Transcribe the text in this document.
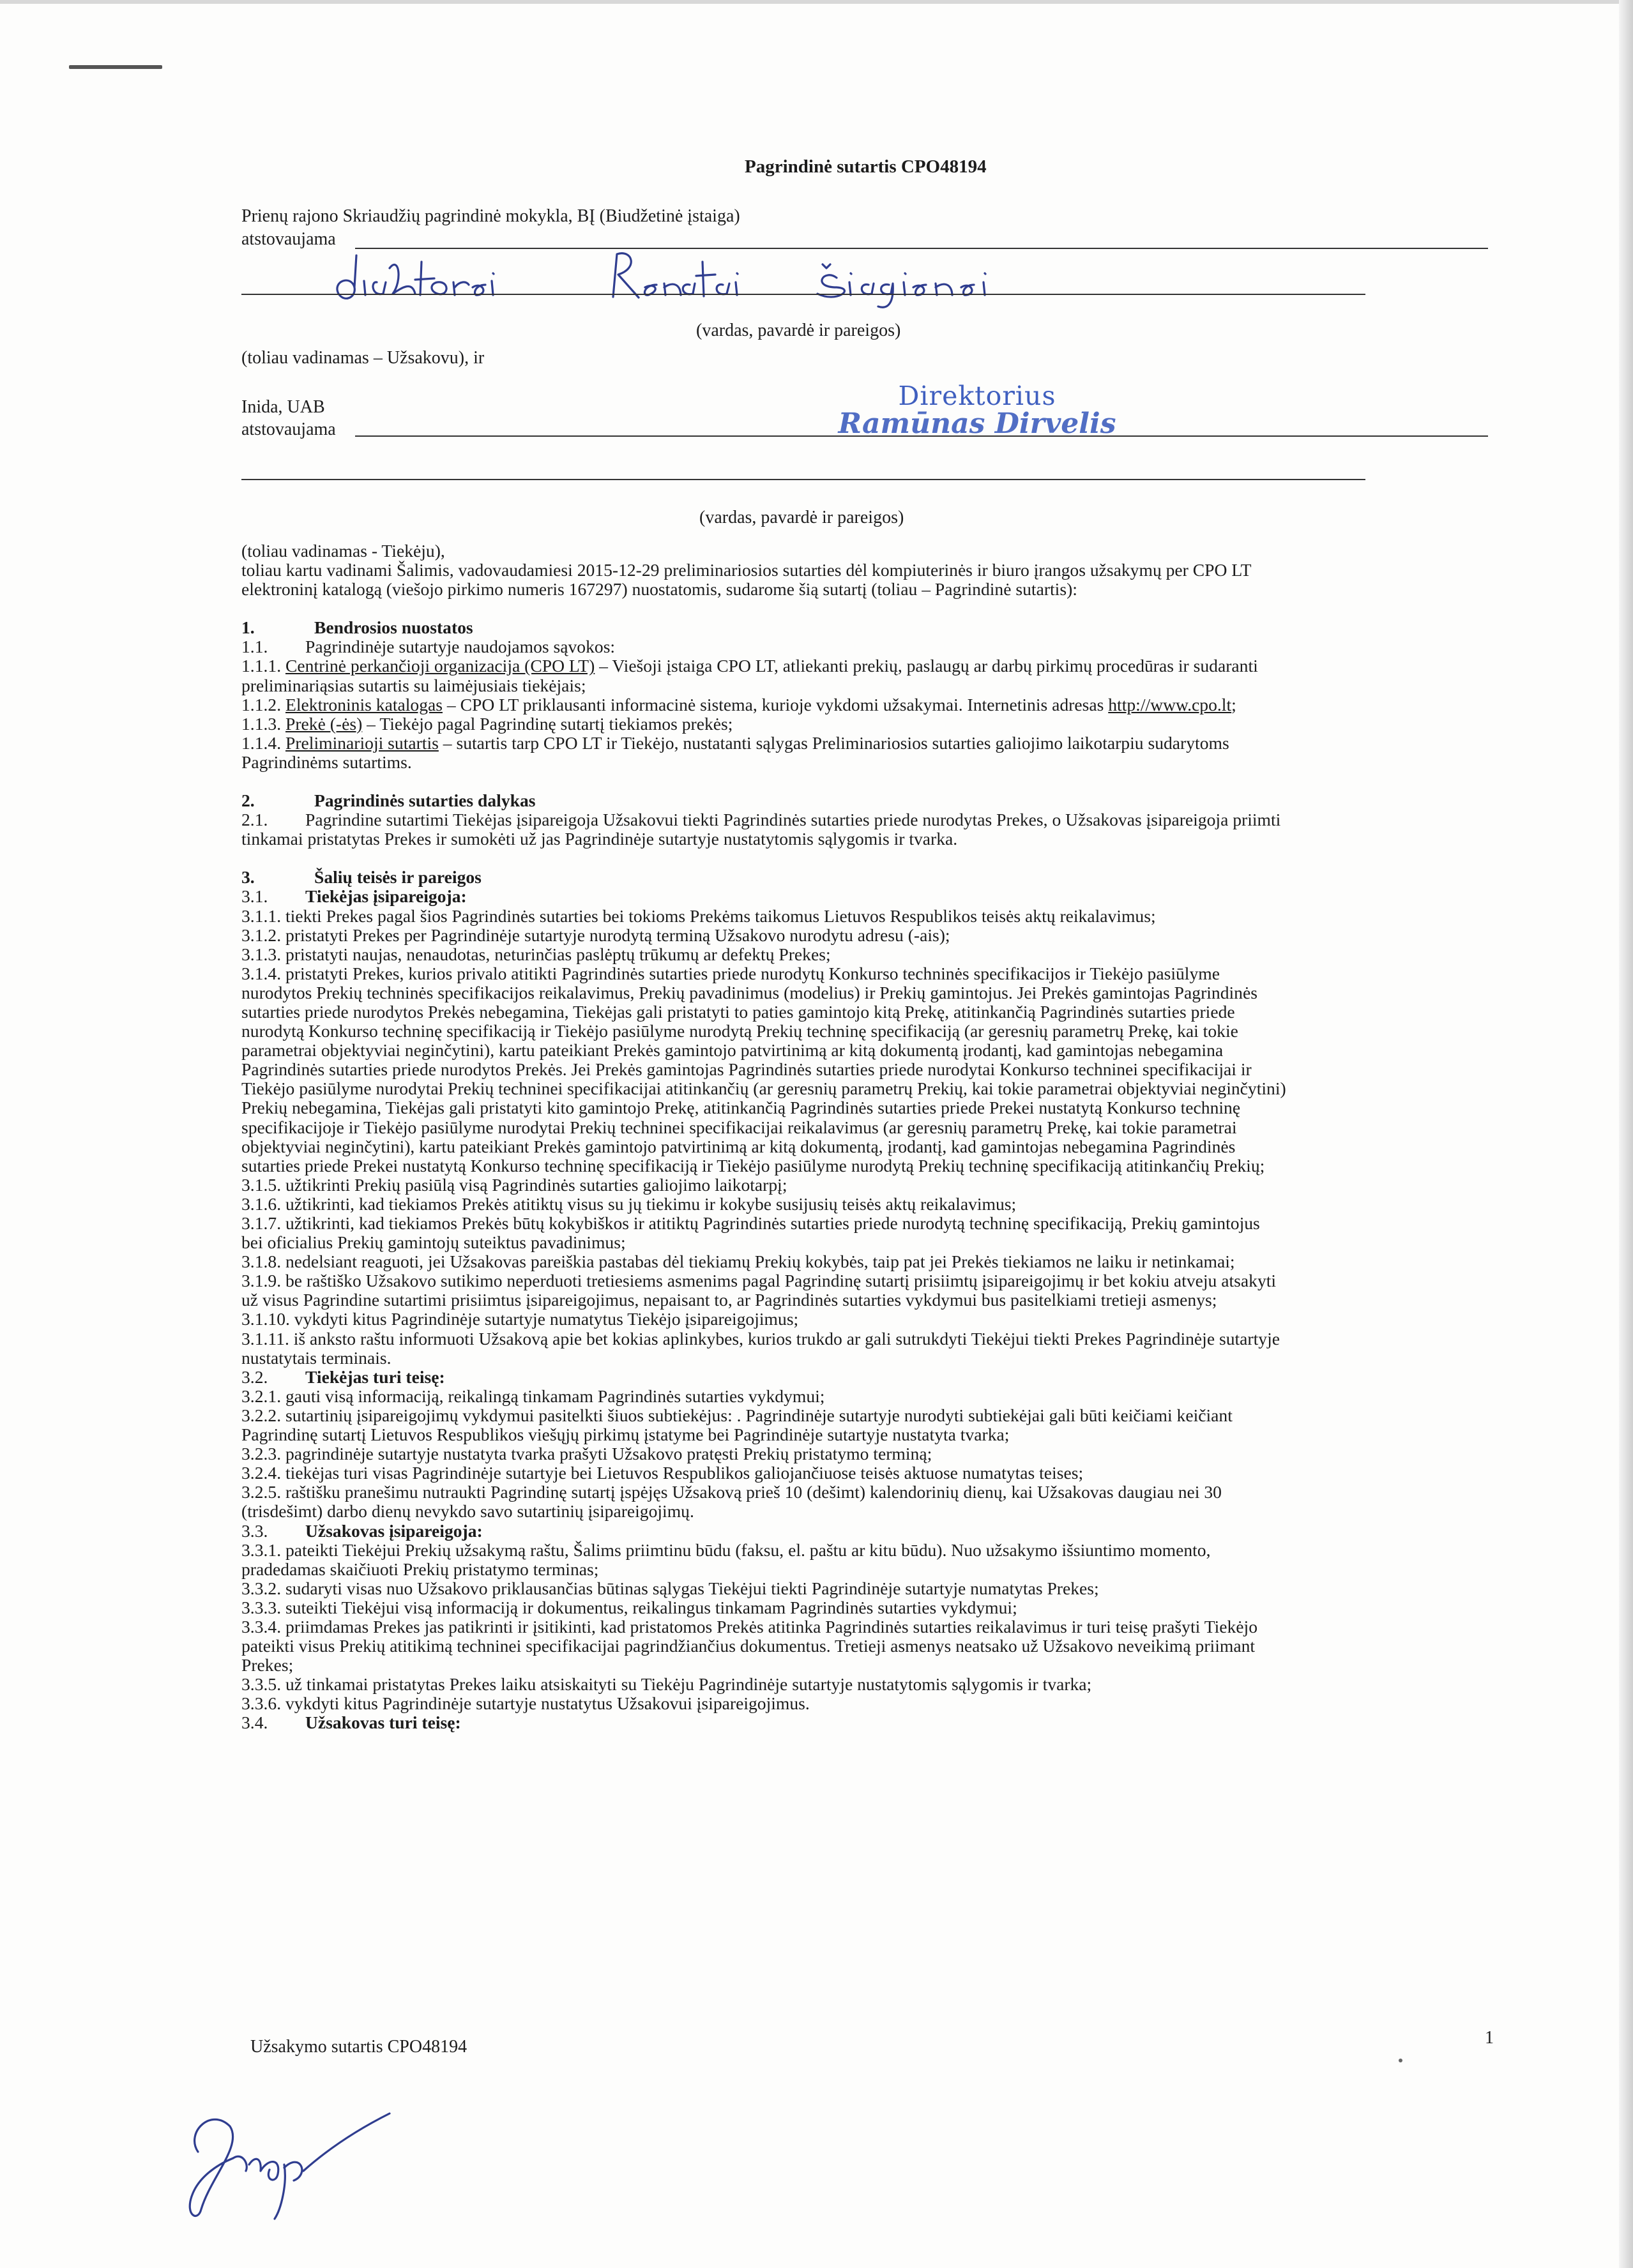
Pagrindinė sutartis CPO48194
Prienų rajono Skriaudžių pagrindinė mokykla, BĮ (Biudžetinė įstaiga)
atstovaujama
(vardas, pavardė ir pareigos)
(toliau vadinamas – Užsakovu), ir
Inida, UAB
atstovaujama
Direktorius
Ramūnas Dirvelis
(vardas, pavardė ir pareigos)

(toliau vadinamas - Tiekėju),

toliau kartu vadinami Šalimis, vadovaudamiesi 2015-12-29 preliminariosios sutarties dėl kompiuterinės ir biuro įrangos užsakymų per CPO LT

elektroninį katalogą (viešojo pirkimo numeris 167297) nuostatomis, sudarome šią sutartį (toliau – Pagrindinė sutartis):

1.	Bendrosios nuostatos

1.1. Pagrindinėje sutartyje naudojamos sąvokos:

1.1.1. Centrinė perkančioji organizacija (CPO LT) – Viešoji įstaiga CPO LT, atliekanti prekių, paslaugų ar darbų pirkimų procedūras ir sudaranti

preliminariąsias sutartis su laimėjusiais tiekėjais;

1.1.2. Elektroninis katalogas – CPO LT priklausanti informacinė sistema, kurioje vykdomi užsakymai. Internetinis adresas http://www.cpo.lt;

1.1.3. Prekė (-ės) – Tiekėjo pagal Pagrindinę sutartį tiekiamos prekės;

1.1.4. Preliminarioji sutartis – sutartis tarp CPO LT ir Tiekėjo, nustatanti sąlygas Preliminariosios sutarties galiojimo laikotarpiu sudarytoms

Pagrindinėms sutartims.

2.	Pagrindinės sutarties dalykas

2.1. Pagrindine sutartimi Tiekėjas įsipareigoja Užsakovui tiekti Pagrindinės sutarties priede nurodytas Prekes, o Užsakovas įsipareigoja priimti

tinkamai pristatytas Prekes ir sumokėti už jas Pagrindinėje sutartyje nustatytomis sąlygomis ir tvarka.

3.	Šalių teisės ir pareigos

3.1. Tiekėjas įsipareigoja:

3.1.1. tiekti Prekes pagal šios Pagrindinės sutarties bei tokioms Prekėms taikomus Lietuvos Respublikos teisės aktų reikalavimus;

3.1.2. pristatyti Prekes per Pagrindinėje sutartyje nurodytą terminą Užsakovo nurodytu adresu (-ais);

3.1.3. pristatyti naujas, nenaudotas, neturinčias paslėptų trūkumų ar defektų Prekes;

3.1.4. pristatyti Prekes, kurios privalo atitikti Pagrindinės sutarties priede nurodytų Konkurso techninės specifikacijos ir Tiekėjo pasiūlyme

nurodytos Prekių techninės specifikacijos reikalavimus, Prekių pavadinimus (modelius) ir Prekių gamintojus. Jei Prekės gamintojas Pagrindinės

sutarties priede nurodytos Prekės nebegamina, Tiekėjas gali pristatyti to paties gamintojo kitą Prekę, atitinkančią Pagrindinės sutarties priede

nurodytą Konkurso techninę specifikaciją ir Tiekėjo pasiūlyme nurodytą Prekių techninę specifikaciją (ar geresnių parametrų Prekę, kai tokie

parametrai objektyviai neginčytini), kartu pateikiant Prekės gamintojo patvirtinimą ar kitą dokumentą įrodantį, kad gamintojas nebegamina

Pagrindinės sutarties priede nurodytos Prekės. Jei Prekės gamintojas Pagrindinės sutarties priede nurodytai Konkurso techninei specifikacijai ir

Tiekėjo pasiūlyme nurodytai Prekių techninei specifikacijai atitinkančių (ar geresnių parametrų Prekių, kai tokie parametrai objektyviai neginčytini)

Prekių nebegamina, Tiekėjas gali pristatyti kito gamintojo Prekę, atitinkančią Pagrindinės sutarties priede Prekei nustatytą Konkurso techninę

specifikacijoje ir Tiekėjo pasiūlyme nurodytai Prekių techninei specifikacijai reikalavimus (ar geresnių parametrų Prekę, kai tokie parametrai

objektyviai neginčytini), kartu pateikiant Prekės gamintojo patvirtinimą ar kitą dokumentą, įrodantį, kad gamintojas nebegamina Pagrindinės

sutarties priede Prekei nustatytą Konkurso techninę specifikaciją ir Tiekėjo pasiūlyme nurodytą Prekių techninę specifikaciją atitinkančių Prekių;

3.1.5. užtikrinti Prekių pasiūlą visą Pagrindinės sutarties galiojimo laikotarpį;

3.1.6. užtikrinti, kad tiekiamos Prekės atitiktų visus su jų tiekimu ir kokybe susijusių teisės aktų reikalavimus;

3.1.7. užtikrinti, kad tiekiamos Prekės būtų kokybiškos ir atitiktų Pagrindinės sutarties priede nurodytą techninę specifikaciją, Prekių gamintojus

bei oficialius Prekių gamintojų suteiktus pavadinimus;

3.1.8. nedelsiant reaguoti, jei Užsakovas pareiškia pastabas dėl tiekiamų Prekių kokybės, taip pat jei Prekės tiekiamos ne laiku ir netinkamai;

3.1.9. be raštiško Užsakovo sutikimo neperduoti tretiesiems asmenims pagal Pagrindinę sutartį prisiimtų įsipareigojimų ir bet kokiu atveju atsakyti

už visus Pagrindine sutartimi prisiimtus įsipareigojimus, nepaisant to, ar Pagrindinės sutarties vykdymui bus pasitelkiami tretieji asmenys;

3.1.10. vykdyti kitus Pagrindinėje sutartyje numatytus Tiekėjo įsipareigojimus;

3.1.11. iš anksto raštu informuoti Užsakovą apie bet kokias aplinkybes, kurios trukdo ar gali sutrukdyti Tiekėjui tiekti Prekes Pagrindinėje sutartyje

nustatytais terminais.

3.2. Tiekėjas turi teisę:

3.2.1. gauti visą informaciją, reikalingą tinkamam Pagrindinės sutarties vykdymui;

3.2.2. sutartinių įsipareigojimų vykdymui pasitelkti šiuos subtiekėjus: . Pagrindinėje sutartyje nurodyti subtiekėjai gali būti keičiami keičiant

Pagrindinę sutartį Lietuvos Respublikos viešųjų pirkimų įstatyme bei Pagrindinėje sutartyje nustatyta tvarka;

3.2.3. pagrindinėje sutartyje nustatyta tvarka prašyti Užsakovo pratęsti Prekių pristatymo terminą;

3.2.4. tiekėjas turi visas Pagrindinėje sutartyje bei Lietuvos Respublikos galiojančiuose teisės aktuose numatytas teises;

3.2.5. raštišku pranešimu nutraukti Pagrindinę sutartį įspėjęs Užsakovą prieš 10 (dešimt) kalendorinių dienų, kai Užsakovas daugiau nei 30

(trisdešimt) darbo dienų nevykdo savo sutartinių įsipareigojimų.

3.3. Užsakovas įsipareigoja:

3.3.1. pateikti Tiekėjui Prekių užsakymą raštu, Šalims priimtinu būdu (faksu, el. paštu ar kitu būdu). Nuo užsakymo išsiuntimo momento,

pradedamas skaičiuoti Prekių pristatymo terminas;

3.3.2. sudaryti visas nuo Užsakovo priklausančias būtinas sąlygas Tiekėjui tiekti Pagrindinėje sutartyje numatytas Prekes;

3.3.3. suteikti Tiekėjui visą informaciją ir dokumentus, reikalingus tinkamam Pagrindinės sutarties vykdymui;

3.3.4. priimdamas Prekes jas patikrinti ir įsitikinti, kad pristatomos Prekės atitinka Pagrindinės sutarties reikalavimus ir turi teisę prašyti Tiekėjo

pateikti visus Prekių atitikimą techninei specifikacijai pagrindžiančius dokumentus. Tretieji asmenys neatsako už Užsakovo neveikimą priimant

Prekes;

3.3.5. už tinkamai pristatytas Prekes laiku atsiskaityti su Tiekėju Pagrindinėje sutartyje nustatytomis sąlygomis ir tvarka;

3.3.6. vykdyti kitus Pagrindinėje sutartyje nustatytus Užsakovui įsipareigojimus.

3.4. Užsakovas turi teisę:

Užsakymo sutartis CPO48194	1
